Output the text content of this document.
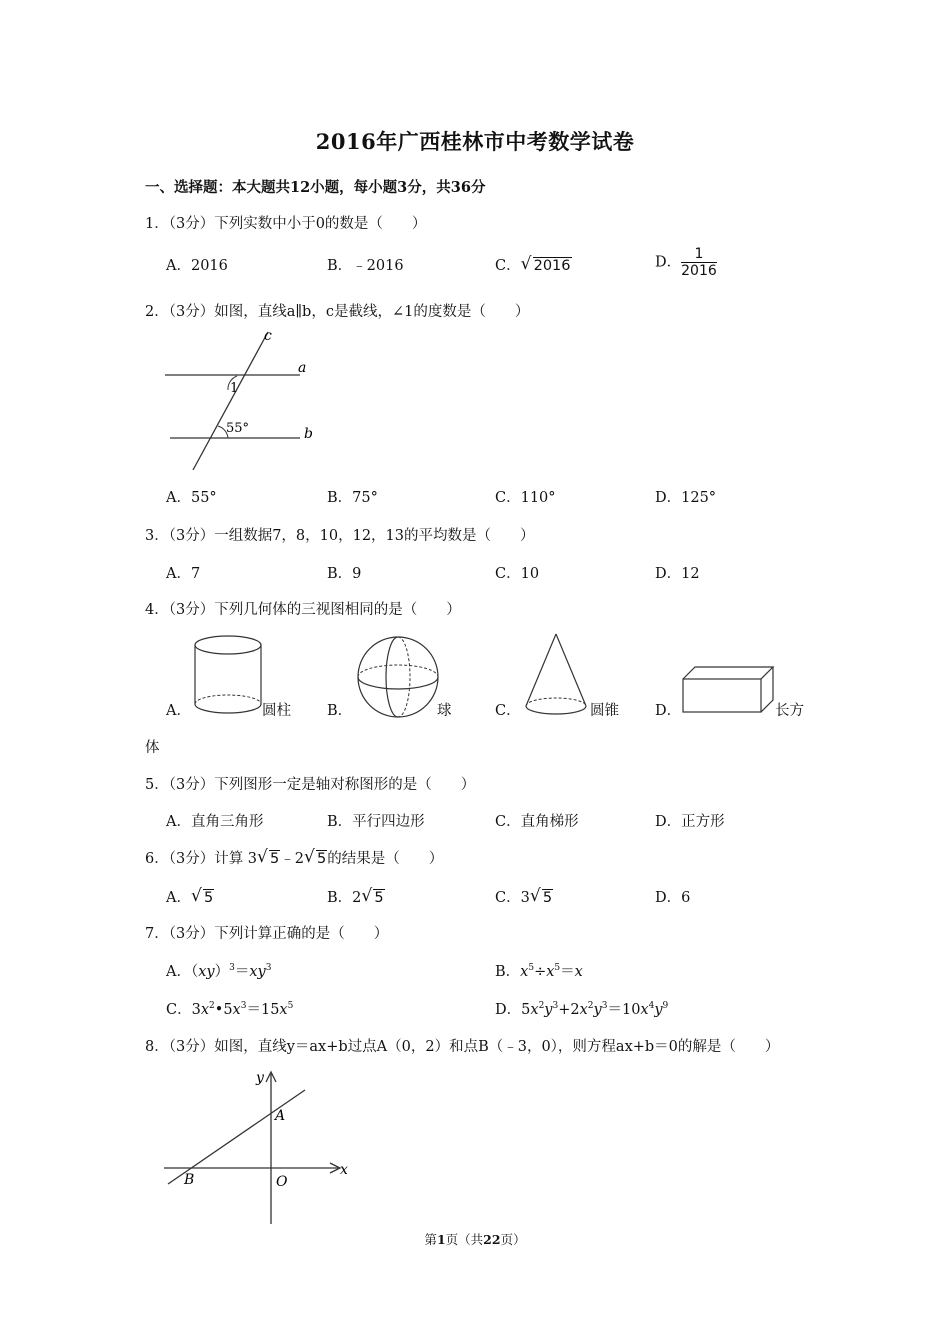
2016年广西桂林市中考数学试卷
一、选择题：本大题共12小题，每小题3分，共36分
1．（3分）下列实数中小于0的数是（　　）
A．2016	B．﹣2016	C． √ 2016	D． $\frac{1}{2016}$
2．（3分）如图，直线a∥b，c是截线，∠1的度数是（　　）
c
a
b
1
55°
A．55°	B．75°	C．110°	D．125°
3．（3分）一组数据7，8，10，12，13的平均数是（　　）
A．7	B．9	C．10	D．12
4．（3分）下列几何体的三视图相同的是（　　）
A．	圆柱 B．	球	C．	圆锥 D．	长方
体
5．（3分）下列图形一定是轴对称图形的是（　　）
A．直角三角形	B．平行四边形	C．直角梯形	D．正方形
6．（3分）计算 3 √ 5﹣2 √ 5的结果是（　　）
A． √ 5	B．2 √ 5	C．3 √ 5	D．6
7．（3分）下列计算正确的是（　　）
A．$(xy)^3=xy^3$	B．$x^5\div x^5=x$
C．$3x^2•5x^3=15x^5$	D．$5x^2y^3+2x^2y^3=10x^4y^9$
8．（3分）如图，直线y＝ax+b过点A（0，2）和点B（﹣3，0），则方程ax+b＝0的解是（　　）
y
x
A
B	O
第1页（共22页）
